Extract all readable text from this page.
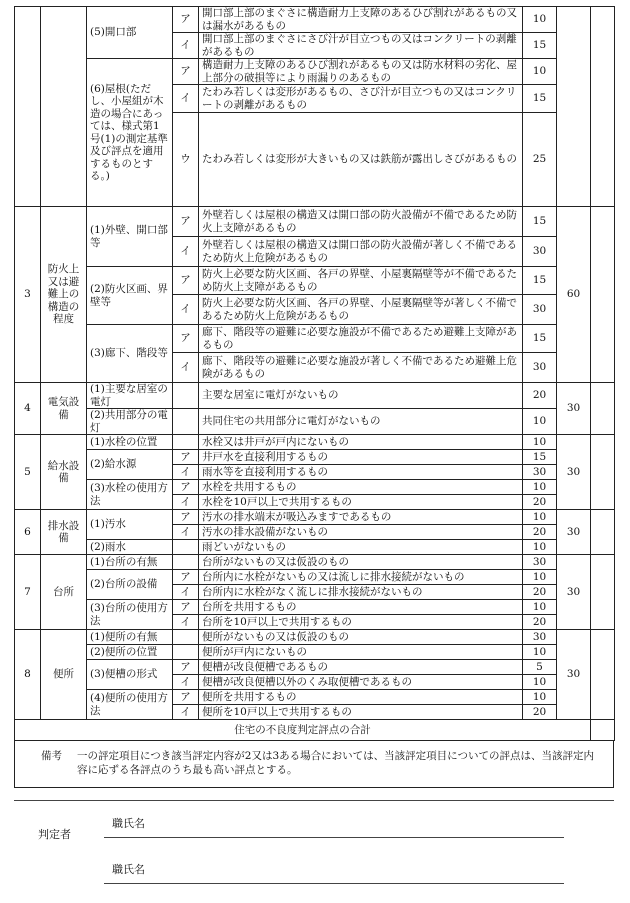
		(5)開口部	ア	開口部上部のまぐさに構造耐力上支障のあるひび割れがあるもの又は漏水があるもの	10		
			イ	開口部上部のまぐさにさび汁が目立つもの又はコンクリートの剥離があるもの	15		
		(6)屋根(ただし、小屋組が木造の場合にあっては、様式第1号(1)の測定基準及び評点を適用するものとする。)	ア	構造耐力上支障のあるひび割れがあるもの又は防水材料の劣化、屋上部分の破損等により雨漏りのあるもの	10		
			イ	たわみ若しくは変形があるもの、さび汁が目立つもの又はコンクリートの剥離があるもの	15		
			ウ	たわみ若しくは変形が大きいもの又は鉄筋が露出しさびがあるもの	25		
3	防火上又は避難上の構造の程度	(1)外壁、開口部等	ア	外壁若しくは屋根の構造又は開口部の防火設備が不備であるため防火上支障があるもの	15	60	
			イ	外壁若しくは屋根の構造又は開口部の防火設備が著しく不備であるため防火上危険があるもの	30		
		(2)防火区画、界壁等	ア	防火上必要な防火区画、各戸の界壁、小屋裏隔壁等が不備であるため防火上支障があるもの	15		
			イ	防火上必要な防火区画、各戸の界壁、小屋裏隔壁等が著しく不備であるため防火上危険があるもの	30		
		(3)廊下、階段等	ア	廊下、階段等の避難に必要な施設が不備であるため避難上支障があるもの	15		
			イ	廊下、階段等の避難に必要な施設が著しく不備であるため避難上危険があるもの	30		
4	電気設備	(1)主要な居室の電灯		主要な居室に電灯がないもの	20	30	
		(2)共用部分の電灯		共同住宅の共用部分に電灯がないもの	10		
5	給水設備	(1)水栓の位置		水栓又は井戸が戸内にないもの	10	30	
		(2)給水源	ア	井戸水を直接利用するもの	15		
			イ	雨水等を直接利用するもの	30		
		(3)水栓の使用方法	ア	水栓を共用するもの	10		
			イ	水栓を10戸以上で共用するもの	20		
6	排水設備	(1)汚水	ア	汚水の排水端末が吸込みますであるもの	10	30	
			イ	汚水の排水設備がないもの	20		
		(2)雨水		雨どいがないもの	10		
7	台所	(1)台所の有無		台所がないもの又は仮設のもの	30	30	
		(2)台所の設備	ア	台所内に水栓がないもの又は流しに排水接続がないもの	10		
			イ	台所内に水栓がなく流しに排水接続がないもの	20		
		(3)台所の使用方法	ア	台所を共用するもの	10		
			イ	台所を10戸以上で共用するもの	20		
8	便所	(1)便所の有無		便所がないもの又は仮設のもの	30	30	
		(2)便所の位置		便所が戸内にないもの	10		
		(3)便槽の形式	ア	便槽が改良便槽であるもの	5		
			イ	便槽が改良便槽以外のくみ取便槽であるもの	10		
		(4)便所の使用方法	ア	便所を共用するもの	10		
			イ	便所を10戸以上で共用するもの	20		
住宅の不良度判定評点の合計							
備考 一の評定項目につき該当評定内容が2又は3ある場合においては、当該評定項目についての評点は、当該評定内容に応ずる各評点のうち最も高い評点とする。
判定者
職氏名
職氏名
